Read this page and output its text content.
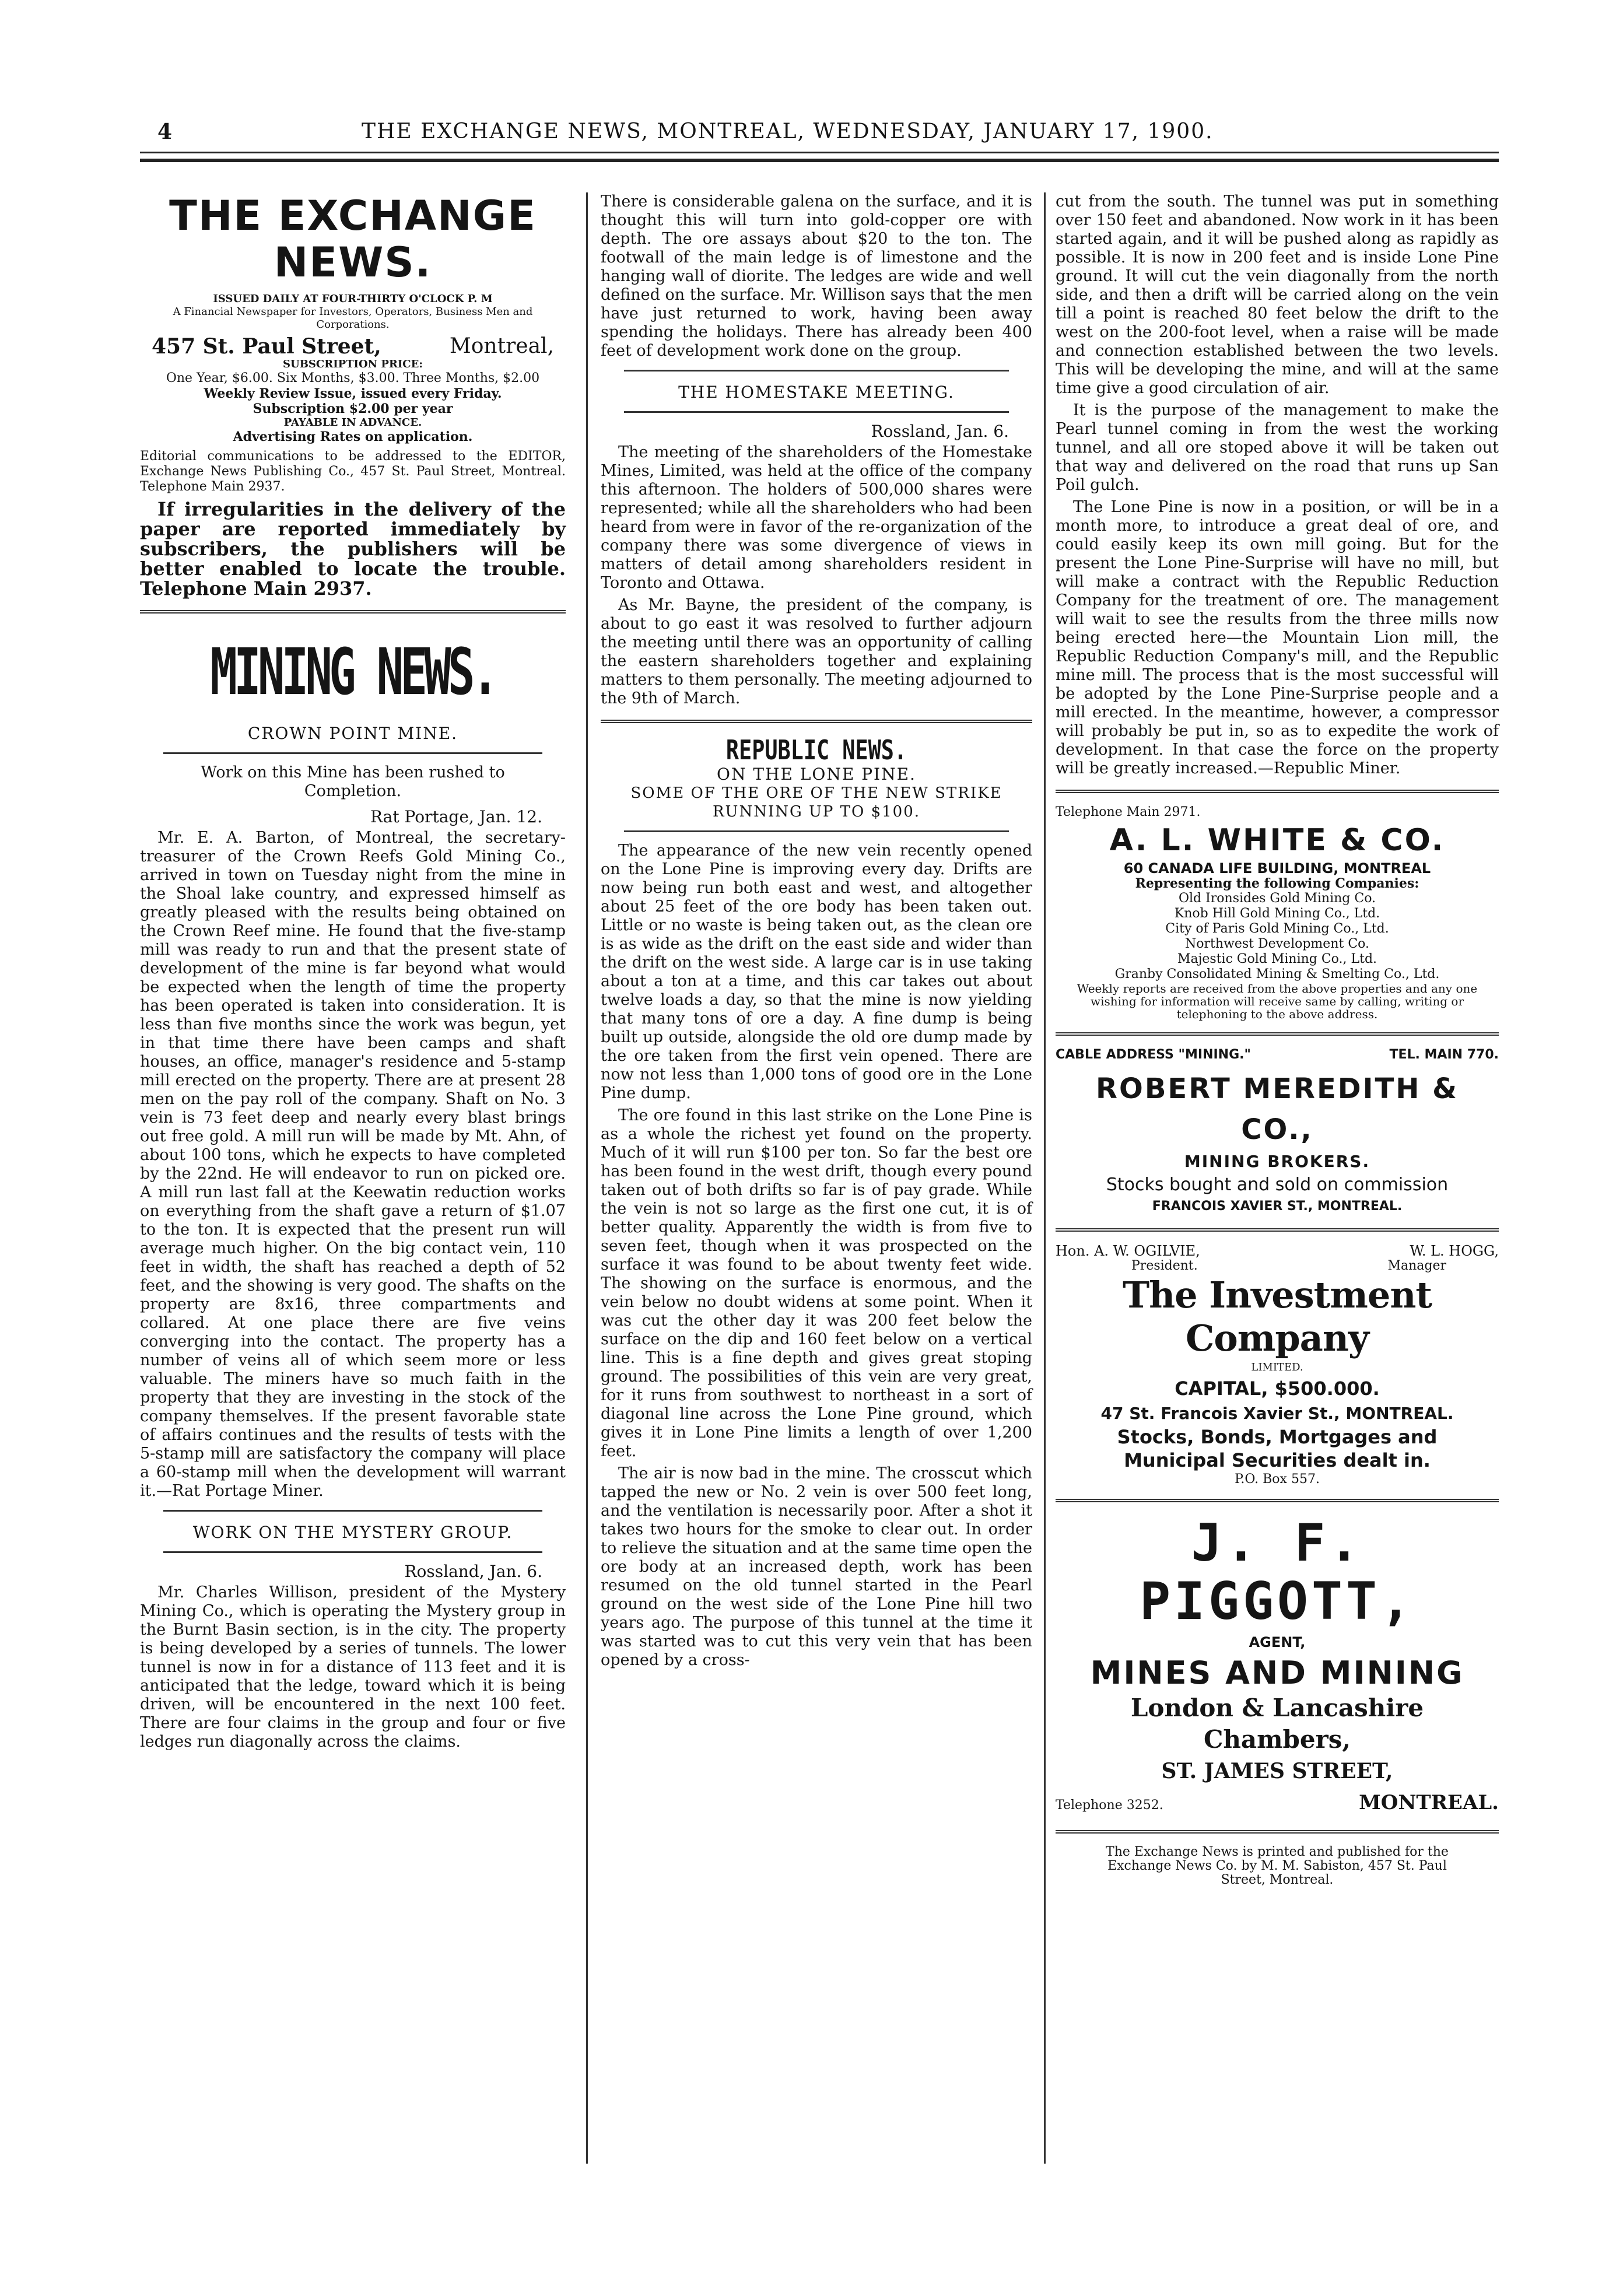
4	THE EXCHANGE NEWS, MONTREAL, WEDNESDAY, JANUARY 17, 1900.
THE EXCHANGE NEWS.
ISSUED DAILY AT FOUR-THIRTY O'CLOCK P. M
A Financial Newspaper for Investors, Operators, Business Men and Corporations.
457 St. Paul Street,	Montreal,
SUBSCRIPTION PRICE:
One Year, $6.00. Six Months, $3.00. Three Months, $2.00
Weekly Review Issue, issued every Friday.
Subscription $2.00 per year
PAYABLE IN ADVANCE.
Advertising Rates on application.
Editorial communications to be addressed to the EDITOR, Exchange News Publishing Co., 457 St. Paul Street, Montreal. Telephone Main 2937.
If irregularities in the delivery of the paper are reported immediately by subscribers, the publishers will be better enabled to locate the trouble. Telephone Main 2937.
MINING NEWS.
CROWN POINT MINE.
Work on this Mine has been rushed to Completion.
Rat Portage, Jan. 12.

Mr. E. A. Barton, of Montreal, the secretary-treasurer of the Crown Reefs Gold Mining Co., arrived in town on Tuesday night from the mine in the Shoal lake country, and expressed himself as greatly pleased with the results being obtained on the Crown Reef mine. He found that the five-stamp mill was ready to run and that the present state of development of the mine is far beyond what would be expected when the length of time the property has been operated is taken into consideration. It is less than five months since the work was begun, yet in that time there have been camps and shaft houses, an office, manager's residence and 5-stamp mill erected on the property. There are at present 28 men on the pay roll of the company. Shaft on No. 3 vein is 73 feet deep and nearly every blast brings out free gold. A mill run will be made by Mt. Ahn, of about 100 tons, which he expects to have completed by the 22nd. He will endeavor to run on picked ore. A mill run last fall at the Keewatin reduction works on everything from the shaft gave a return of $1.07 to the ton. It is expected that the present run will average much higher. On the big contact vein, 110 feet in width, the shaft has reached a depth of 52 feet, and the showing is very good. The shafts on the property are 8x16, three compartments and collared. At one place there are five veins converging into the contact. The property has a number of veins all of which seem more or less valuable. The miners have so much faith in the property that they are investing in the stock of the company themselves. If the present favorable state of affairs continues and the results of tests with the 5-stamp mill are satisfactory the company will place a 60-stamp mill when the development will warrant it.—Rat Portage Miner.

WORK ON THE MYSTERY GROUP.
Rossland, Jan. 6.

Mr. Charles Willison, president of the Mystery Mining Co., which is operating the Mystery group in the Burnt Basin section, is in the city. The property is being developed by a series of tunnels. The lower tunnel is now in for a distance of 113 feet and it is anticipated that the ledge, toward which it is being driven, will be encountered in the next 100 feet. There are four claims in the group and four or five ledges run diagonally across the claims.

There is considerable galena on the surface, and it is thought this will turn into gold-copper ore with depth. The ore assays about $20 to the ton. The footwall of the main ledge is of limestone and the hanging wall of diorite. The ledges are wide and well defined on the surface. Mr. Willison says that the men have just returned to work, having been away spending the holidays. There has already been 400 feet of development work done on the group.

THE HOMESTAKE MEETING.
Rossland, Jan. 6.

The meeting of the shareholders of the Homestake Mines, Limited, was held at the office of the company this afternoon. The holders of 500,000 shares were represented; while all the shareholders who had been heard from were in favor of the re-organization of the company there was some divergence of views in matters of detail among shareholders resident in Toronto and Ottawa.

As Mr. Bayne, the president of the company, is about to go east it was resolved to further adjourn the meeting until there was an opportunity of calling the eastern shareholders together and explaining matters to them personally. The meeting adjourned to the 9th of March.

REPUBLIC NEWS.
ON THE LONE PINE.
SOME OF THE ORE OF THE NEW STRIKE RUNNING UP TO $100.

The appearance of the new vein recently opened on the Lone Pine is improving every day. Drifts are now being run both east and west, and altogether about 25 feet of the ore body has been taken out. Little or no waste is being taken out, as the clean ore is as wide as the drift on the east side and wider than the drift on the west side. A large car is in use taking about a ton at a time, and this car takes out about twelve loads a day, so that the mine is now yielding that many tons of ore a day. A fine dump is being built up outside, alongside the old ore dump made by the ore taken from the first vein opened. There are now not less than 1,000 tons of good ore in the Lone Pine dump.

The ore found in this last strike on the Lone Pine is as a whole the richest yet found on the property. Much of it will run $100 per ton. So far the best ore has been found in the west drift, though every pound taken out of both drifts so far is of pay grade. While the vein is not so large as the first one cut, it is of better quality. Apparently the width is from five to seven feet, though when it was prospected on the surface it was found to be about twenty feet wide. The showing on the surface is enormous, and the vein below no doubt widens at some point. When it was cut the other day it was 200 feet below the surface on the dip and 160 feet below on a vertical line. This is a fine depth and gives great stoping ground. The possibilities of this vein are very great, for it runs from southwest to northeast in a sort of diagonal line across the Lone Pine ground, which gives it in Lone Pine limits a length of over 1,200 feet.

The air is now bad in the mine. The crosscut which tapped the new or No. 2 vein is over 500 feet long, and the ventilation is necessarily poor. After a shot it takes two hours for the smoke to clear out. In order to relieve the situation and at the same time open the ore body at an increased depth, work has been resumed on the old tunnel started in the Pearl ground on the west side of the Lone Pine hill two years ago. The purpose of this tunnel at the time it was started was to cut this very vein that has been opened by a cross-

cut from the south. The tunnel was put in something over 150 feet and abandoned. Now work in it has been started again, and it will be pushed along as rapidly as possible. It is now in 200 feet and is inside Lone Pine ground. It will cut the vein diagonally from the north side, and then a drift will be carried along on the vein till a point is reached 80 feet below the drift to the west on the 200-foot level, when a raise will be made and connection established between the two levels. This will be developing the mine, and will at the same time give a good circulation of air.

It is the purpose of the management to make the Pearl tunnel coming in from the west the working tunnel, and all ore stoped above it will be taken out that way and delivered on the road that runs up San Poil gulch.

The Lone Pine is now in a position, or will be in a month more, to introduce a great deal of ore, and could easily keep its own mill going. But for the present the Lone Pine-Surprise will have no mill, but will make a contract with the Republic Reduction Company for the treatment of ore. The management will wait to see the results from the three mills now being erected here—the Mountain Lion mill, the Republic Reduction Company's mill, and the Republic mine mill. The process that is the most successful will be adopted by the Lone Pine-Surprise people and a mill erected. In the meantime, however, a compressor will probably be put in, so as to expedite the work of development. In that case the force on the property will be greatly increased.—Republic Miner.

Telephone Main 2971.
A. L. WHITE & CO.
60 CANADA LIFE BUILDING, MONTREAL
Representing the following Companies:
Old Ironsides Gold Mining Co.
Knob Hill Gold Mining Co., Ltd.
City of Paris Gold Mining Co., Ltd.
Northwest Development Co.
Majestic Gold Mining Co., Ltd.
Granby Consolidated Mining & Smelting Co., Ltd.
Weekly reports are received from the above properties and any one wishing for information will receive same by calling, writing or telephoning to the above address.
CABLE ADDRESS "MINING."	TEL. MAIN 770.
ROBERT MEREDITH & CO.,
MINING BROKERS.
Stocks bought and sold on commission
FRANCOIS XAVIER ST., MONTREAL.
Hon. A. W. OGILVIE,	W. L. HOGG,
President.	Manager
The Investment Company
LIMITED.
CAPITAL, $500.000.
47 St. Francois Xavier St., MONTREAL.
Stocks, Bonds, Mortgages and
Municipal Securities dealt in.
P.O. Box 557.
J. F. PIGGOTT,
AGENT,
MINES AND MINING
London & Lancashire Chambers,
ST. JAMES STREET,
Telephone 3252.	MONTREAL.
The Exchange News is printed and published for the Exchange News Co. by M. M. Sabiston, 457 St. Paul Street, Montreal.
